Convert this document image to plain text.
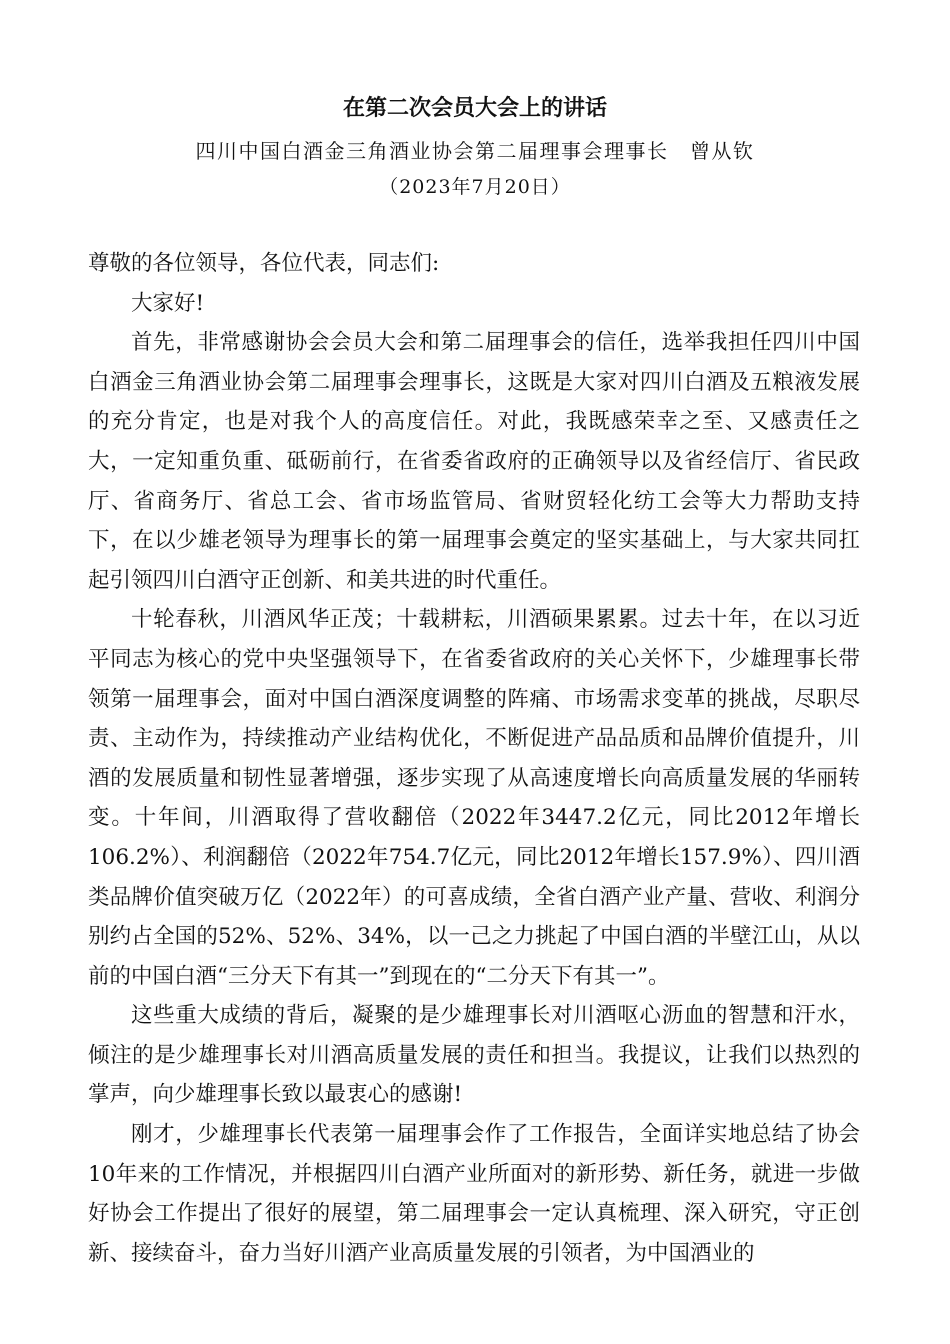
在第二次会员大会上的讲话
四川中国白酒金三角酒业协会第二届理事会理事长　曾从钦
（2023年7月20日）

尊敬的各位领导，各位代表，同志们:

大家好!

首先，非常感谢协会会员大会和第二届理事会的信任，选举我担任四川中国白酒金三角酒业协会第二届理事会理事长，这既是大家对四川白酒及五粮液发展的充分肯定，也是对我个人的高度信任。对此，我既感荣幸之至、又感责任之大，一定知重负重、砥砺前行，在省委省政府的正确领导以及省经信厅、省民政厅、省商务厅、省总工会、省市场监管局、省财贸轻化纺工会等大力帮助支持下，在以少雄老领导为理事长的第一届理事会奠定的坚实基础上，与大家共同扛起引领四川白酒守正创新、和美共进的时代重任。

十轮春秋，川酒风华正茂；十载耕耘，川酒硕果累累。过去十年，在以习近平同志为核心的党中央坚强领导下，在省委省政府的关心关怀下，少雄理事长带领第一届理事会，面对中国白酒深度调整的阵痛、市场需求变革的挑战，尽职尽责、主动作为，持续推动产业结构优化，不断促进产品品质和品牌价值提升，川酒的发展质量和韧性显著增强，逐步实现了从高速度增长向高质量发展的华丽转变。十年间，川酒取得了营收翻倍（2022年3447.2亿元，同比2012年增长106.2%）、利润翻倍（2022年754.7亿元，同比2012年增长157.9%）、四川酒类品牌价值突破万亿（2022年）的可喜成绩，全省白酒产业产量、营收、利润分别约占全国的52%、52%、34%，以一己之力挑起了中国白酒的半壁江山，从以前的中国白酒“三分天下有其一”到现在的“二分天下有其一”。

这些重大成绩的背后，凝聚的是少雄理事长对川酒呕心沥血的智慧和汗水，倾注的是少雄理事长对川酒高质量发展的责任和担当。我提议，让我们以热烈的掌声，向少雄理事长致以最衷心的感谢!

刚才，少雄理事长代表第一届理事会作了工作报告，全面详实地总结了协会10年来的工作情况，并根据四川白酒产业所面对的新形势、新任务，就进一步做好协会工作提出了很好的展望，第二届理事会一定认真梳理、深入研究，守正创新、接续奋斗，奋力当好川酒产业高质量发展的引领者，为中国酒业的
